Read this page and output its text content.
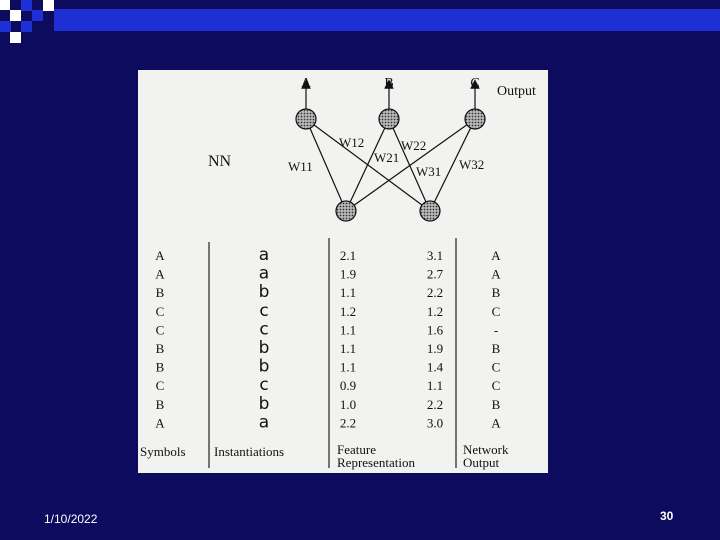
A	B	C
Output
NN	W11
W12
W21
W22
W31 W32
A	a	2.1	3.1	A
A	a	1.9	2.7	A
B	b	1.1	2.2	B
C	c	1.2	1.2	C
C	c	1.1	1.6	-
B	b	1.1	1.9	B
B	b	1.1	1.4	C
C	c	0.9	1.1	C
B	b	1.0	2.2	B
A	a	2.2	3.0	A
Symbols Instantiations	Feature
Representation
Network
Output
1/10/2022	30
